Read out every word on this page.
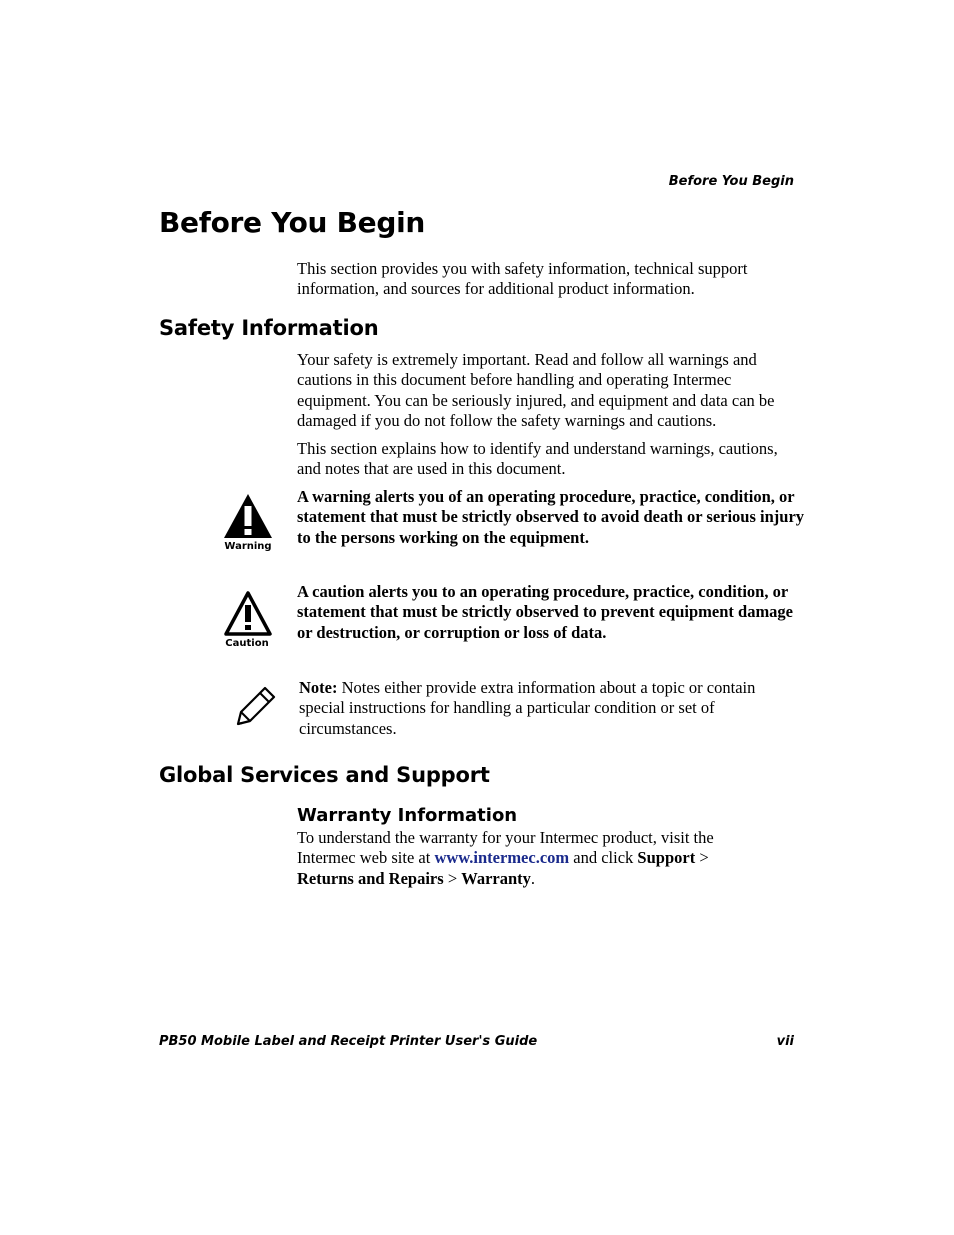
Before You Begin
Before You Begin

This section provides you with safety information, technical support information, and sources for additional product information.

Safety Information

Your safety is extremely important. Read and follow all warnings and cautions in this document before handling and operating Intermec equipment. You can be seriously injured, and equipment and data can be damaged if you do not follow the safety warnings and cautions.

This section explains how to identify and understand warnings, cautions, and notes that are used in this document.

Warning

A warning alerts you of an operating procedure, practice, condition, or statement that must be strictly observed to avoid death or serious injury to the persons working on the equipment.

Caution

A caution alerts you to an operating procedure, practice, condition, or statement that must be strictly observed to prevent equipment damage or destruction, or corruption or loss of data.

Note: Notes either provide extra information about a topic or contain special instructions for handling a particular condition or set of circumstances.

Global Services and Support
Warranty Information

To understand the warranty for your Intermec product, visit the Intermec web site at www.intermec.com and click Support > Returns and Repairs > Warranty.

PB50 Mobile Label and Receipt Printer User's Guide	vii
